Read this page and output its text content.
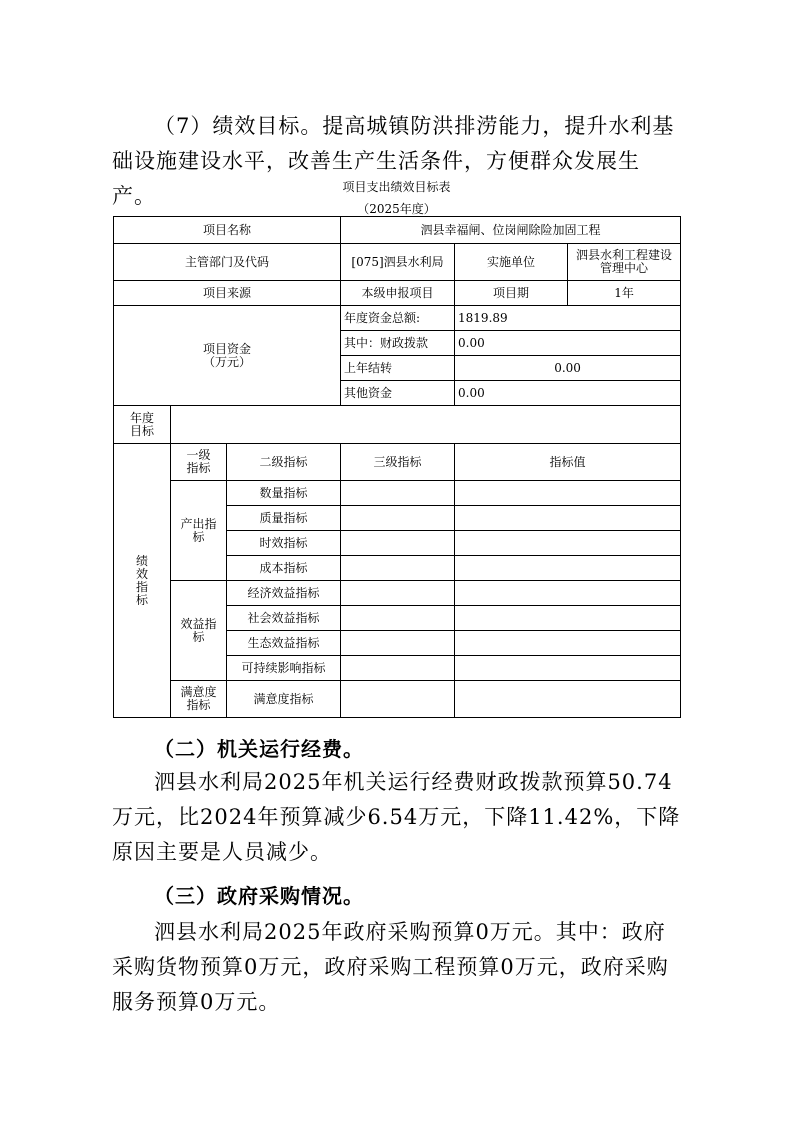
（7）绩效目标。提高城镇防洪排涝能力，提升水利基础设施建设水平，改善生产生活条件，方便群众发展生产。	项目支出绩效目标表

（2025年度）

项目名称			泗县幸福闸、位岗闸除险加固工程		
主管部门及代码			[075]泗县水利局	实施单位	泗县水利工程建设管理中心
项目来源			本级申报项目	项目期	1年

项目资金（万元）			年度资金总额:	1819.89	
			其中：财政拨款	0.00	
			上年结转	0.00	
			其他资金	0.00	

年度目标					

绩效指标	一级指标	二级指标	三级指标	指标值	

	产出指标	数量指标			
		质量指标			
		时效指标			
		成本指标			

	效益指标	经济效益指标			
		社会效益指标			
		生态效益指标			
		可持续影响指标			

	满意度指标	满意度指标			

（二）机关运行经费。

泗县水利局2025年机关运行经费财政拨款预算50.74万元，比2024年预算减少6.54万元，下降11.42%，下降原因主要是人员减少。

（三）政府采购情况。

泗县水利局2025年政府采购预算0万元。其中：政府采购货物预算0万元，政府采购工程预算0万元，政府采购服务预算0万元。
